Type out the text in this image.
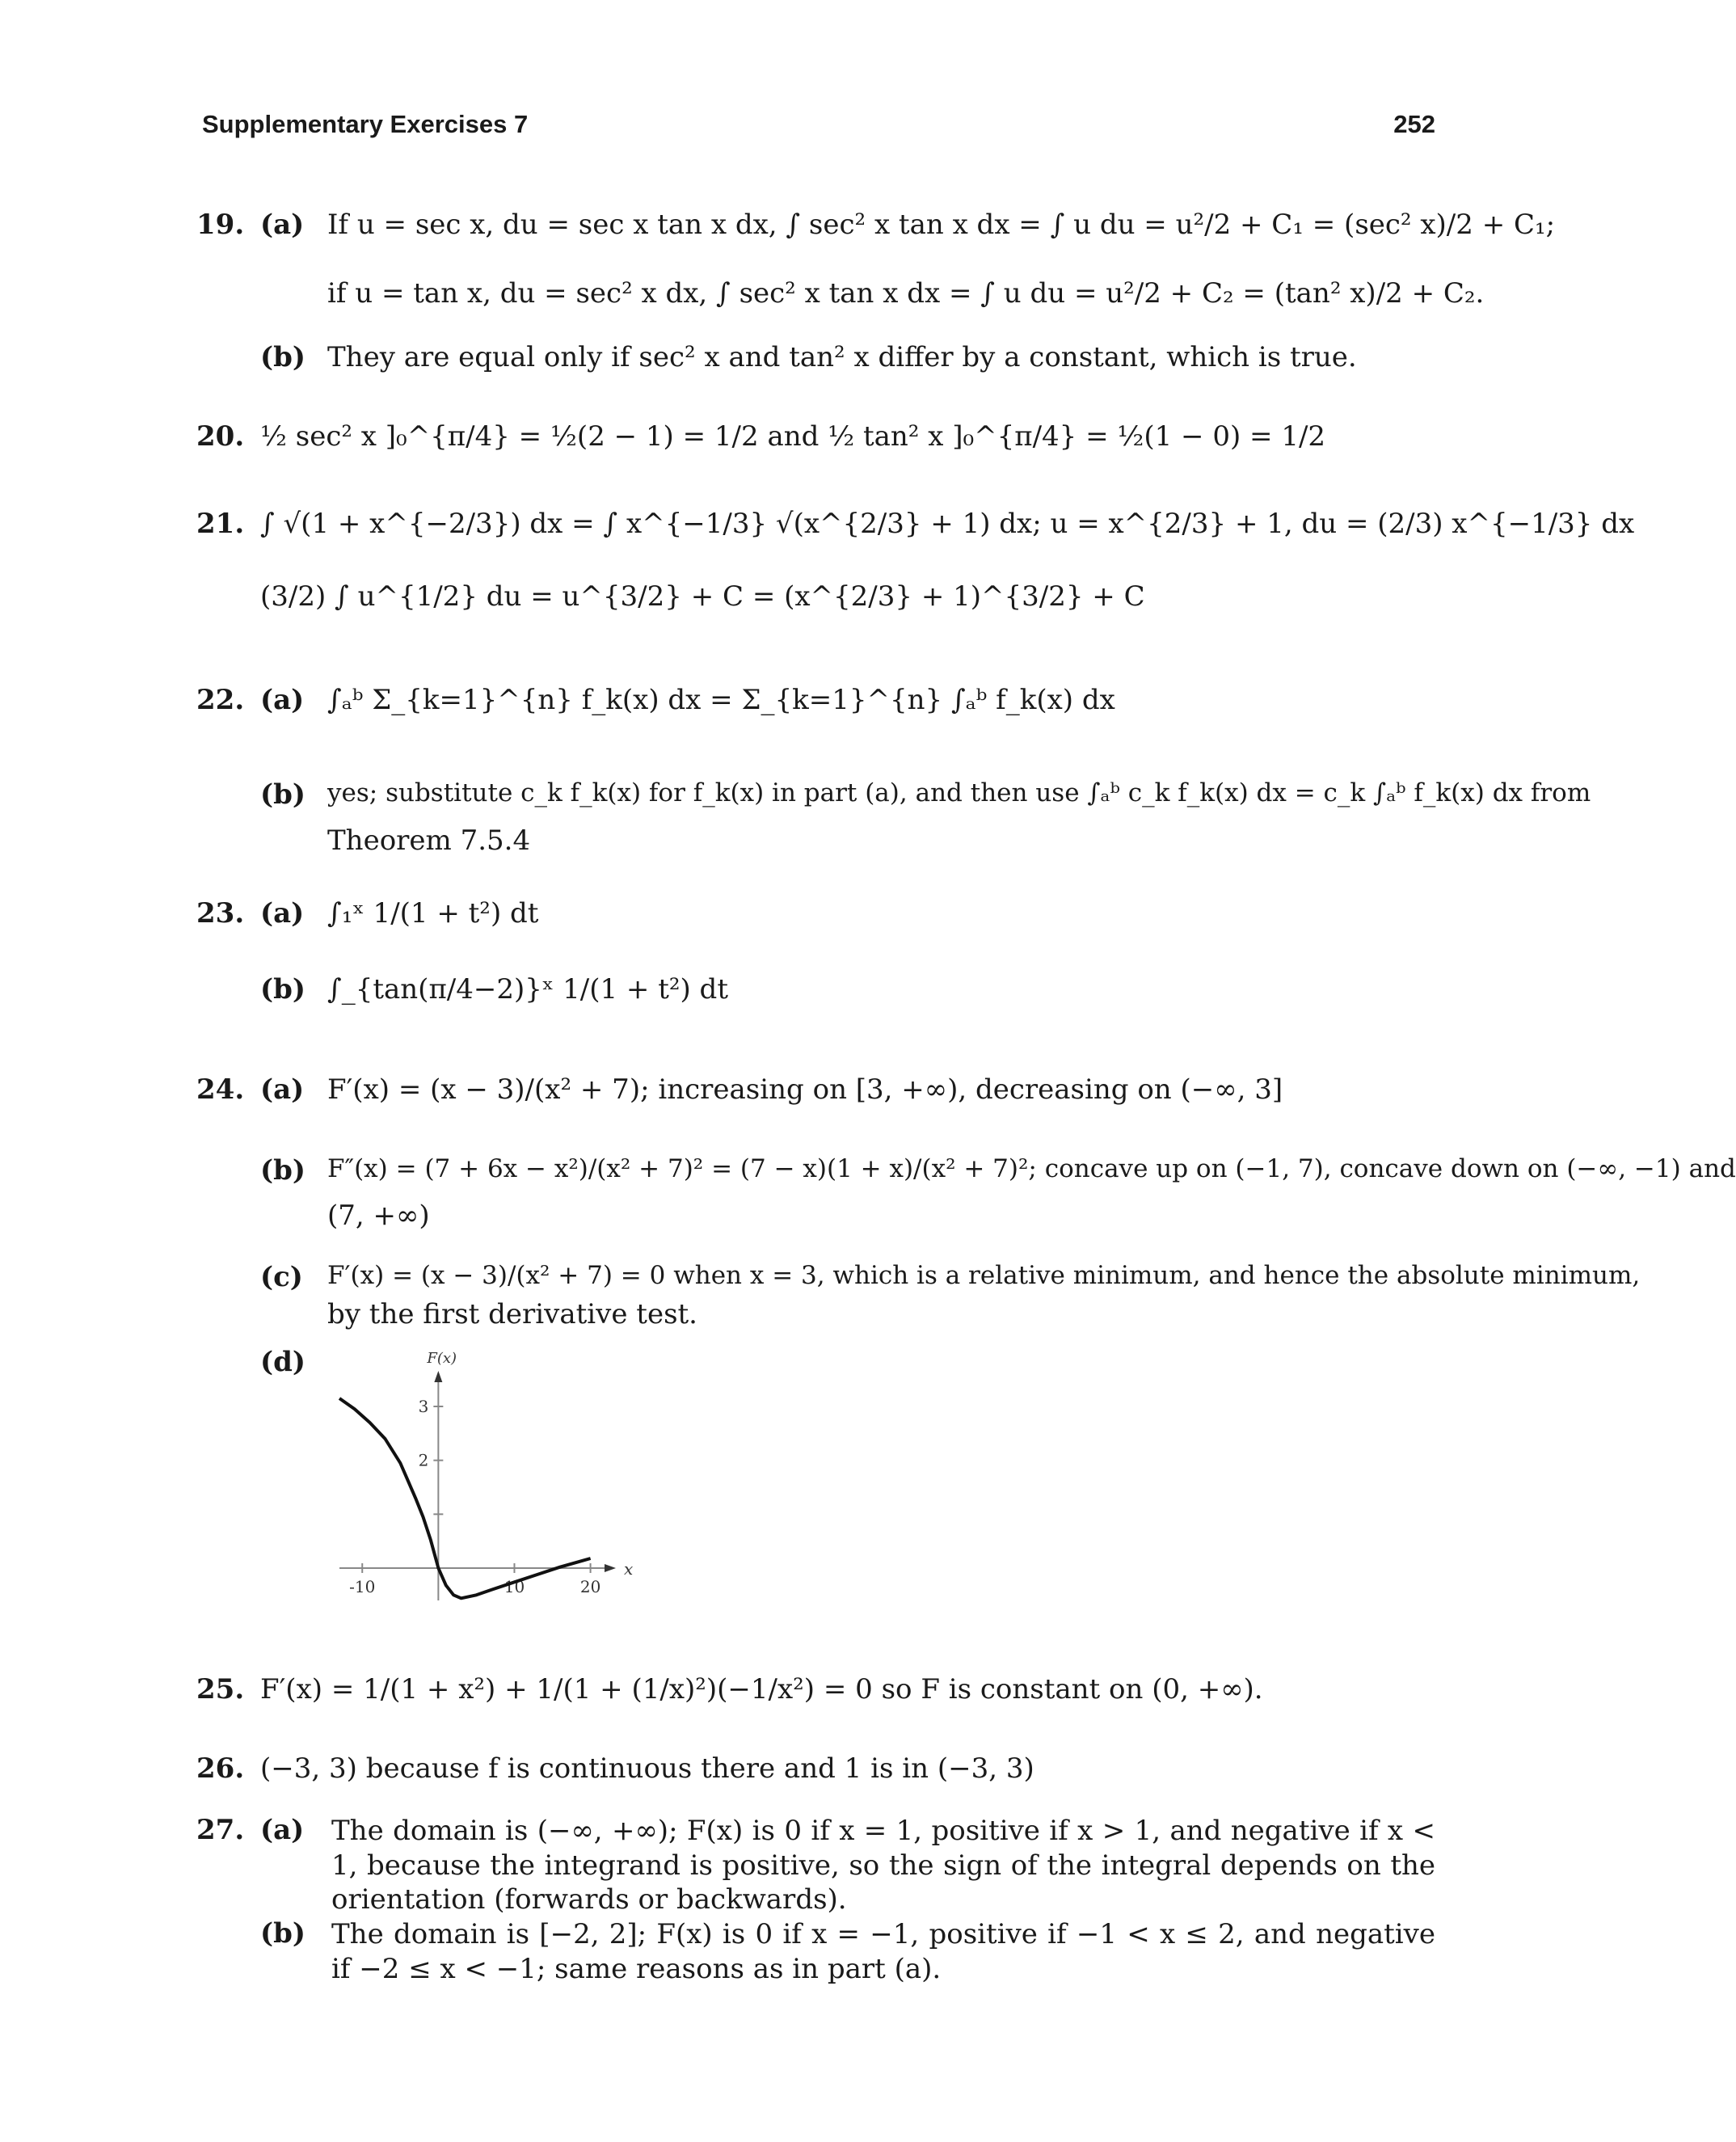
Supplementary Exercises 7	252
19. (a) If u = sec x, du = sec x tan x dx, ∫ sec² x tan x dx = ∫ u du = u²/2 + C₁ = (sec² x)/2 + C₁;
if u = tan x, du = sec² x dx, ∫ sec² x tan x dx = ∫ u du = u²/2 + C₂ = (tan² x)/2 + C₂.
(b) They are equal only if sec² x and tan² x differ by a constant, which is true.
20. ½ sec² x ]₀^{π/4} = ½(2 − 1) = 1/2 and ½ tan² x ]₀^{π/4} = ½(1 − 0) = 1/2
21. ∫ √(1 + x^{−2/3}) dx = ∫ x^{−1/3} √(x^{2/3} + 1) dx; u = x^{2/3} + 1, du = (2/3) x^{−1/3} dx
(3/2) ∫ u^{1/2} du = u^{3/2} + C = (x^{2/3} + 1)^{3/2} + C
22. (a) ∫ₐᵇ Σ_{k=1}^{n} f_k(x) dx = Σ_{k=1}^{n} ∫ₐᵇ f_k(x) dx
(b) yes; substitute c_k f_k(x) for f_k(x) in part (a), and then use ∫ₐᵇ c_k f_k(x) dx = c_k ∫ₐᵇ f_k(x) dx from
Theorem 7.5.4
23. (a) ∫₁ˣ 1/(1 + t²) dt
(b) ∫_{tan(π/4−2)}ˣ 1/(1 + t²) dt
24. (a) F′(x) = (x − 3)/(x² + 7); increasing on [3, +∞), decreasing on (−∞, 3]
(b) F″(x) = (7 + 6x − x²)/(x² + 7)² = (7 − x)(1 + x)/(x² + 7)²; concave up on (−1, 7), concave down on (−∞, −1) and
(7, +∞)
(c) F′(x) = (x − 3)/(x² + 7) = 0 when x = 3, which is a relative minimum, and hence the absolute minimum,
by the first derivative test.
(d)
x
F(x)
-10	10	20
2
3
25. F′(x) = 1/(1 + x²) + 1/(1 + (1/x)²)(−1/x²) = 0 so F is constant on (0, +∞).
26. (−3, 3) because f is continuous there and 1 is in (−3, 3)
27. (a) The domain is (−∞, +∞); F(x) is 0 if x = 1, positive if x > 1, and negative if x < 1, because the integrand is positive, so the sign of the integral depends on the orientation (forwards or backwards).
(b) The domain is [−2, 2]; F(x) is 0 if x = −1, positive if −1 < x ≤ 2, and negative if −2 ≤ x < −1; same reasons as in part (a).
